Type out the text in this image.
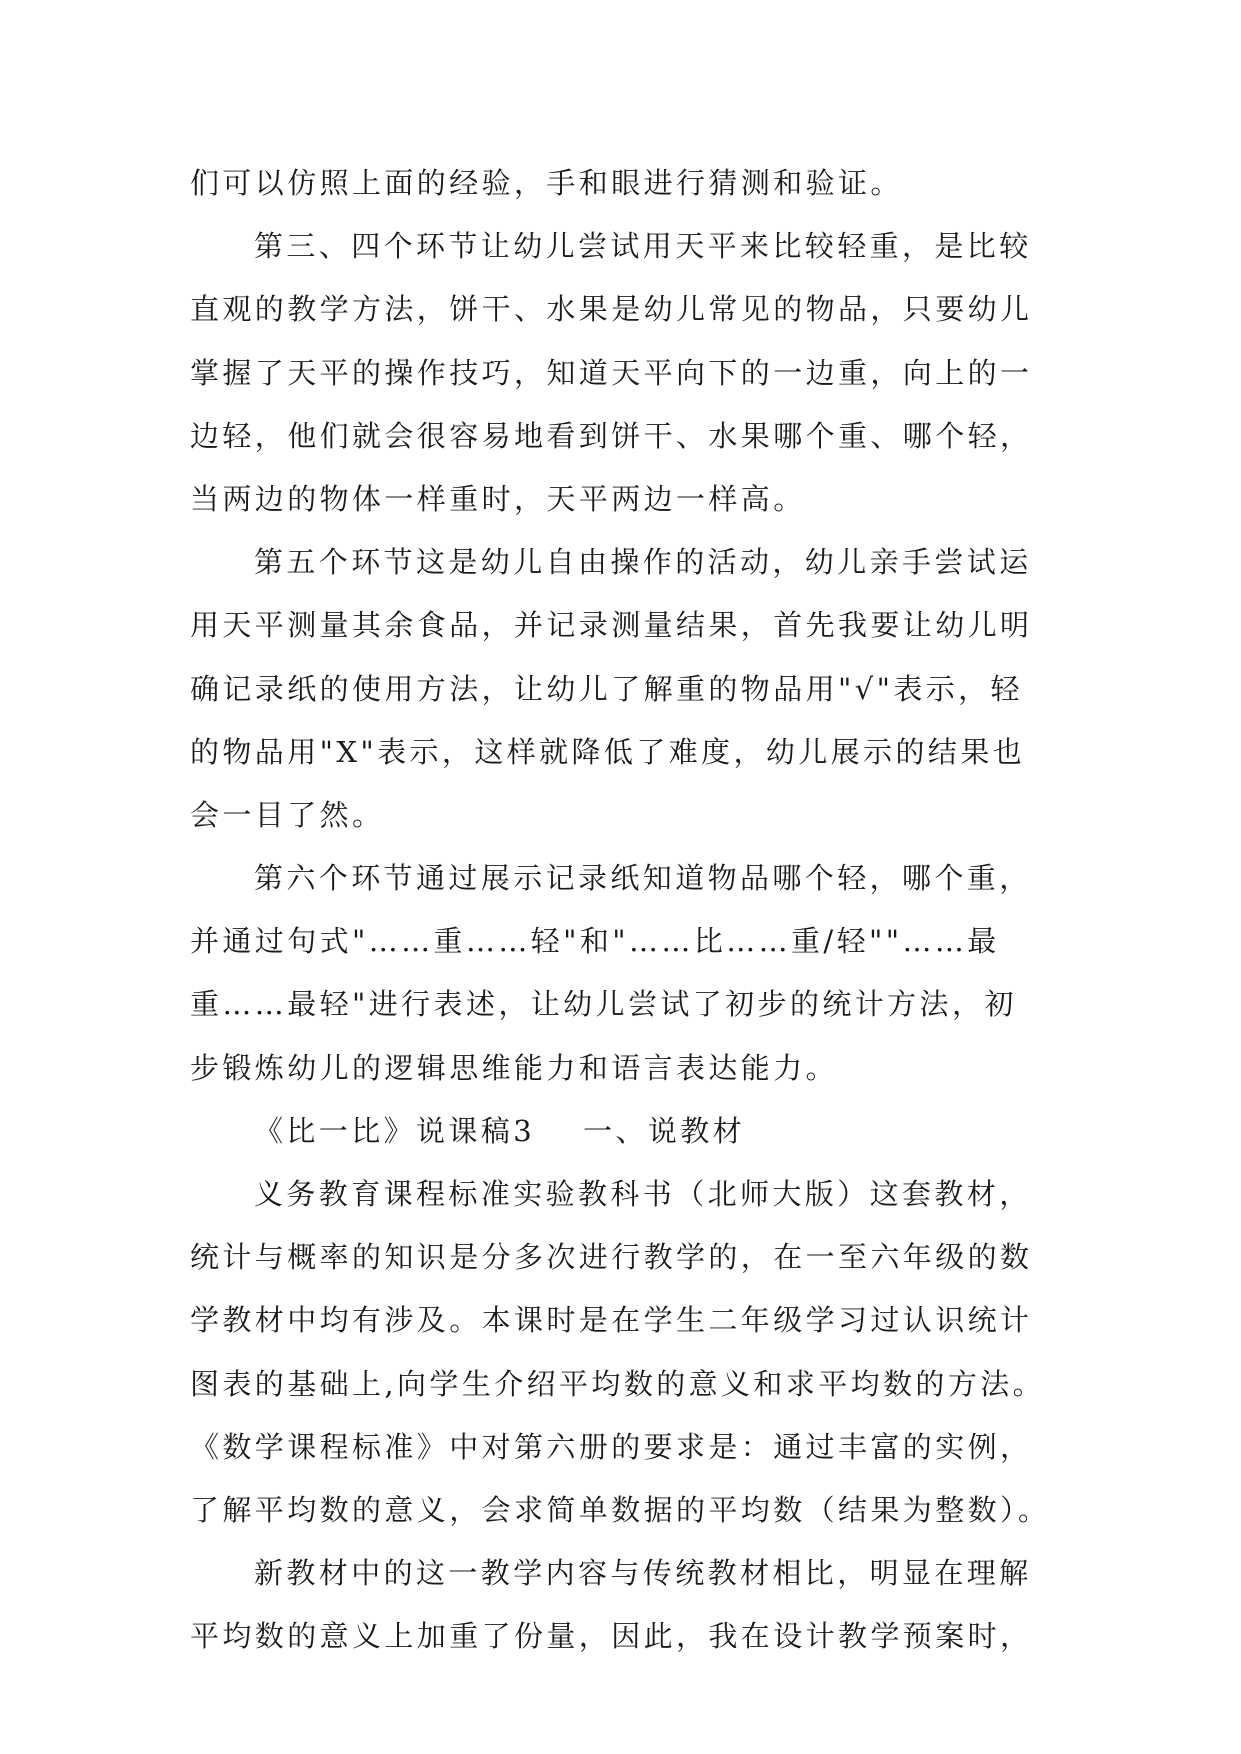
们可以仿照上面的经验，手和眼进行猜测和验证。
第三、四个环节让幼儿尝试用天平来比较轻重，是比较
直观的教学方法，饼干、水果是幼儿常见的物品，只要幼儿
掌握了天平的操作技巧，知道天平向下的一边重，向上的一
边轻，他们就会很容易地看到饼干、水果哪个重、哪个轻，
当两边的物体一样重时，天平两边一样高。
第五个环节这是幼儿自由操作的活动，幼儿亲手尝试运
用天平测量其余食品，并记录测量结果，首先我要让幼儿明
确记录纸的使用方法，让幼儿了解重的物品用"√"表示，轻
的物品用"X"表示，这样就降低了难度，幼儿展示的结果也
会一目了然。
第六个环节通过展示记录纸知道物品哪个轻，哪个重，
并通过句式"……重……轻"和"……比……重/轻""……最
重……最轻"进行表述，让幼儿尝试了初步的统计方法，初
步锻炼幼儿的逻辑思维能力和语言表达能力。
《比一比》说课稿3 一、说教材
义务教育课程标准实验教科书（北师大版）这套教材，
统计与概率的知识是分多次进行教学的，在一至六年级的数
学教材中均有涉及。本课时是在学生二年级学习过认识统计
图表的基础上,向学生介绍平均数的意义和求平均数的方法。
《数学课程标准》中对第六册的要求是：通过丰富的实例，
了解平均数的意义，会求简单数据的平均数（结果为整数）。
新教材中的这一教学内容与传统教材相比，明显在理解
平均数的意义上加重了份量，因此，我在设计教学预案时，
